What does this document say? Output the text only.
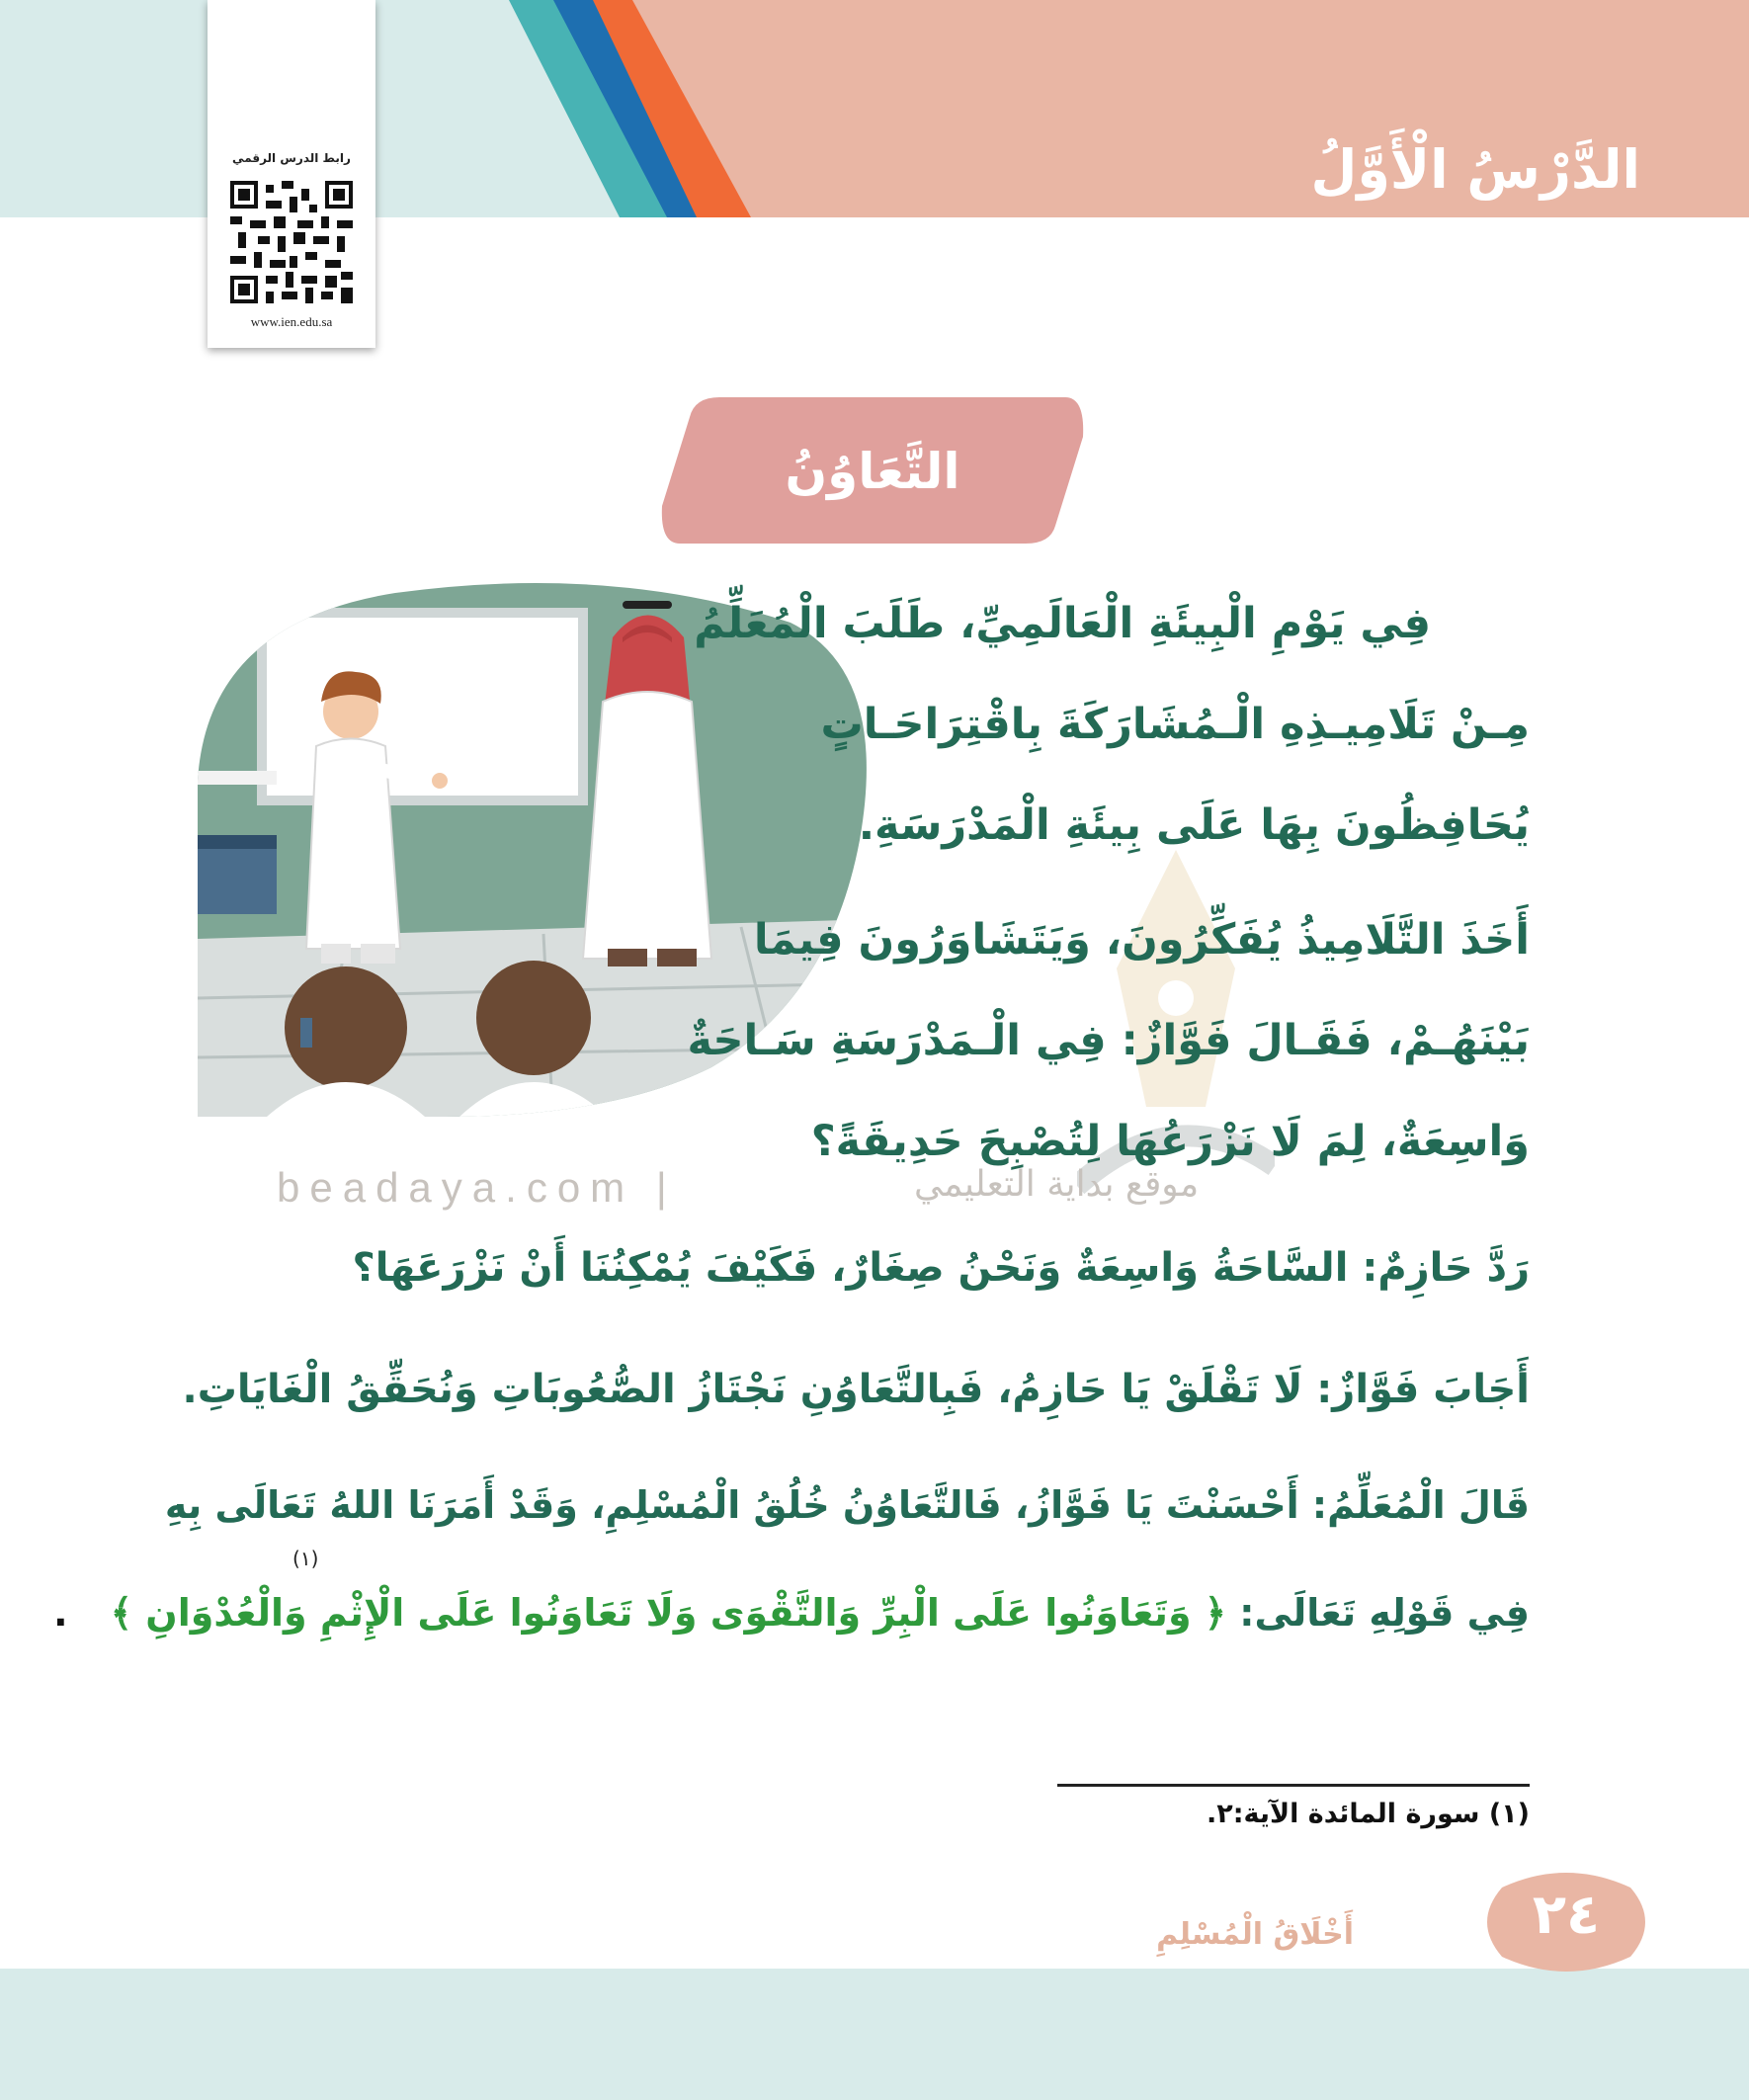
الدَّرْسُ الْأَوَّلُ
رابط الدرس الرقمي
www.ien.edu.sa
التَّعَاوُنُ
beadaya.com |	موقع بداية التعليمي
فِي يَوْمِ الْبِيئَةِ الْعَالَمِيِّ، طَلَبَ الْمُعَلِّمُ
مِـنْ تَلَامِيـذِهِ الْـمُشَارَكَةَ بِاقْتِرَاحَـاتٍ
يُحَافِظُونَ بِهَا عَلَى بِيئَةِ الْمَدْرَسَةِ.
أَخَذَ التَّلَامِيذُ يُفَكِّرُونَ، وَيَتَشَاوَرُونَ فِيمَا
بَيْنَهُـمْ، فَقَـالَ فَوَّازٌ: فِي الْـمَدْرَسَةِ سَـاحَةٌ
وَاسِعَةٌ، لِمَ لَا نَزْرَعُهَا لِتُصْبِحَ حَدِيقَةً؟
رَدَّ حَازِمٌ: السَّاحَةُ وَاسِعَةٌ وَنَحْنُ صِغَارٌ، فَكَيْفَ يُمْكِنُنَا أَنْ نَزْرَعَهَا؟
أَجَابَ فَوَّازٌ: لَا تَقْلَقْ يَا حَازِمُ، فَبِالتَّعَاوُنِ نَجْتَازُ الصُّعُوبَاتِ وَنُحَقِّقُ الْغَايَاتِ.
قَالَ الْمُعَلِّمُ: أَحْسَنْتَ يَا فَوَّازُ، فَالتَّعَاوُنُ خُلُقُ الْمُسْلِمِ، وَقَدْ أَمَرَنَا اللهُ تَعَالَى بِهِ
فِي قَوْلِهِ تَعَالَى: ﴿ وَتَعَاوَنُوا عَلَى الْبِرِّ وَالتَّقْوَى وَلَا تَعَاوَنُوا عَلَى الْإِثْمِ وَالْعُدْوَانِ ﴾ .
(١)
(١) سورة المائدة الآية:٢.
٢٤
أَخْلَاقُ الْمُسْلِمِ
